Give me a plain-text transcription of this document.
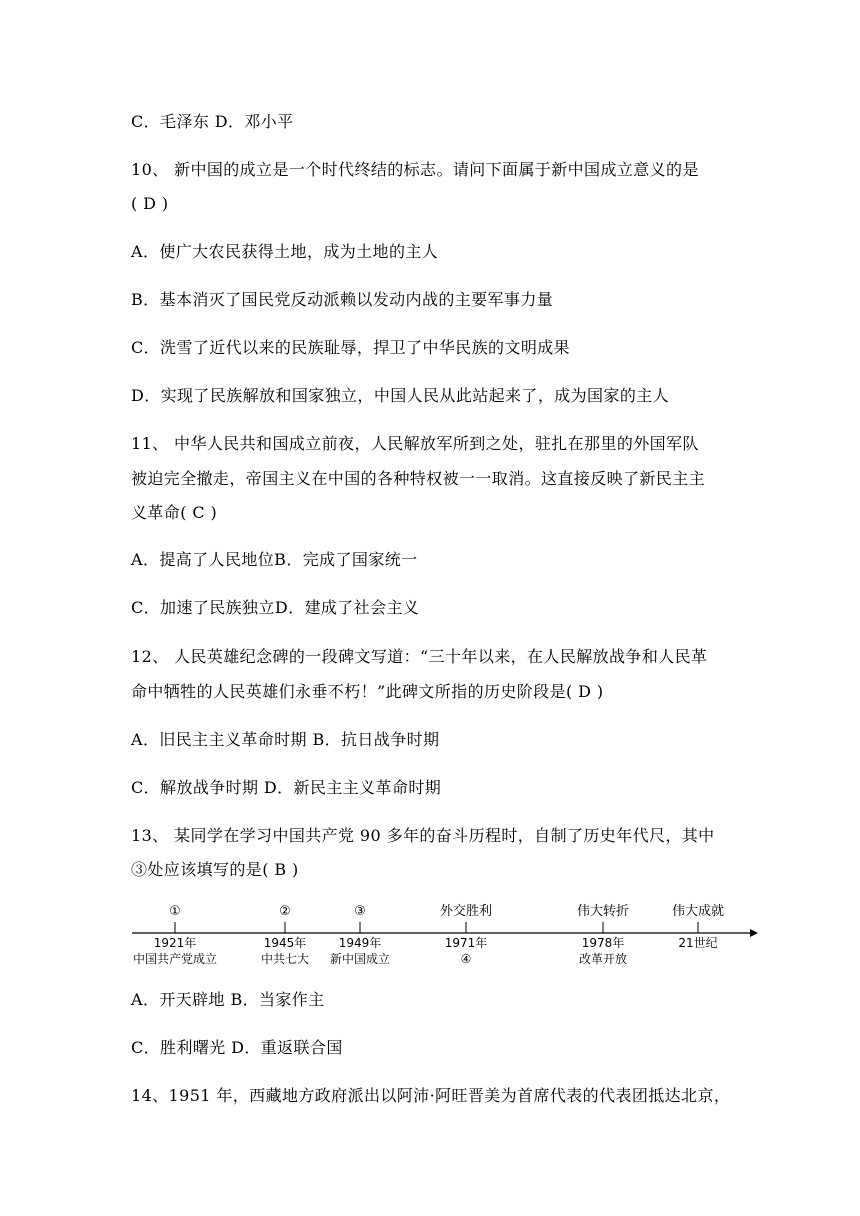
C．毛泽东 D．邓小平
10、 新中国的成立是一个时代终结的标志。请问下面属于新中国成立意义的是
( D )
A．使广大农民获得土地，成为土地的主人
B．基本消灭了国民党反动派赖以发动内战的主要军事力量
C．洗雪了近代以来的民族耻辱，捍卫了中华民族的文明成果
D．实现了民族解放和国家独立，中国人民从此站起来了，成为国家的主人
11、 中华人民共和国成立前夜，人民解放军所到之处，驻扎在那里的外国军队
被迫完全撤走，帝国主义在中国的各种特权被一一取消。这直接反映了新民主主
义革命( C )
A．提高了人民地位B．完成了国家统一
C．加速了民族独立D．建成了社会主义
12、 人民英雄纪念碑的一段碑文写道：“三十年以来，在人民解放战争和人民革
命中牺牲的人民英雄们永垂不朽！”此碑文所指的历史阶段是( D )
A．旧民主主义革命时期 B．抗日战争时期
C．解放战争时期 D．新民主主义革命时期
13、 某同学在学习中国共产党 90 多年的奋斗历程时，自制了历史年代尺，其中
③处应该填写的是( B )
①
1921年
中国共产党成立
②
1945年
中共七大
③
1949年
新中国成立
外交胜利
1971年
④
伟大转折
1978年
改革开放
伟大成就
21世纪
A．开天辟地 B．当家作主
C．胜利曙光 D．重返联合国
14、1951 年，西藏地方政府派出以阿沛·阿旺晋美为首席代表的代表团抵达北京，
